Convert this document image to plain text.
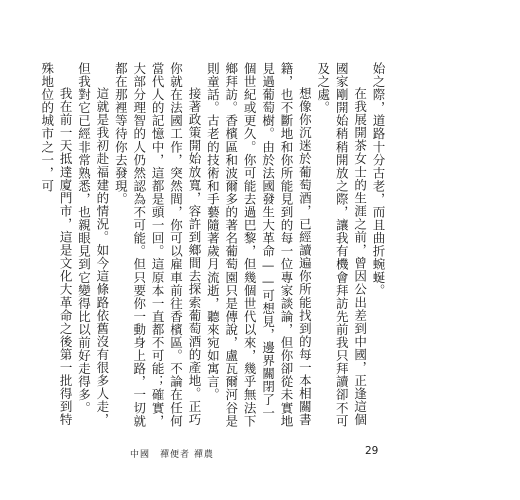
始之際，道路十分古老，而且曲折蜿蜒。

在我展開茶女士的生涯之前，曾因公出差到中國，正逢這個國家剛開始稍稍開放之際，讓我有機會拜訪先前我只拜讀卻不可及之處。

想像你沉迷於葡萄酒，已經讀遍你所能找到的每一本相關書籍，也不斷地和你所能見到的每一位專家談論，但你卻從未實地見過葡萄樹。由於法國發生大革命——可想見，邊界關閉了一個世紀或更久。你可能去過巴黎，但幾個世代以來，幾乎無法下鄉拜訪。香檳區和波爾多的著名葡萄園只是傳說，盧瓦爾河谷是則童話。古老的技術和手藝隨著歲月流逝，聽來宛如寓言。

接著政策開始放寬，容許到鄉間去探索葡萄酒的產地。正巧你就在法國工作，突然間，你可以雇車前往香檳區。不論在任何當代人的記憶中，這都是頭一回。這原本一直都不可能；確實，大部分理智的人仍然認為不可能。但只要你一動身上路，一切就都在那裡等待你去發現。

這就是我初赴福建的情況。如今這條路依舊沒有很多人走，但我對它已經非常熟悉，也親眼見到它變得比以前好走得多。

我在前一天抵達廈門市，這是文化大革命之後第一批得到特殊地位的城市之一，可

中國　禪便者 禪農	29
